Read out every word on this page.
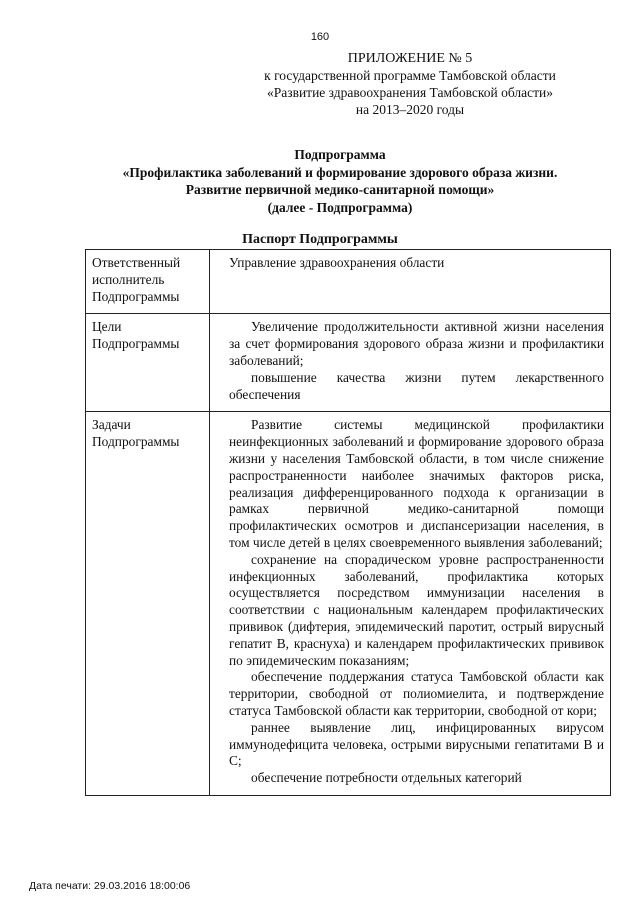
160
ПРИЛОЖЕНИЕ № 5
к государственной программе Тамбовской области
«Развитие здравоохранения Тамбовской области»
на 2013–2020 годы
Подпрограмма
«Профилактика заболеваний и формирование здорового образа жизни.
Развитие первичной медико-санитарной помощи»
(далее - Подпрограмма)
Паспорт Подпрограммы
Ответственный исполнитель Подпрограммы	Управление здравоохранения области

Цели Подпрограммы	Увеличение продолжительности активной жизни населения за счет формирования здорового образа жизни и профилактики заболеваний;
повышение качества жизни путем лекарственного обеспечения

Задачи Подпрограммы	Развитие системы медицинской профилактики неинфекционных заболеваний и формирование здорового образа жизни у населения Тамбовской области, в том числе снижение распространенности наиболее значимых факторов риска, реализация дифференцированного подхода к организации в рамках первичной медико-санитарной помощи профилактических осмотров и диспансеризации населения, в том числе детей в целях своевременного выявления заболеваний;
сохранение на спорадическом уровне распространенности инфекционных заболеваний, профилактика которых осуществляется посредством иммунизации населения в соответствии с национальным календарем профилактических прививок (дифтерия, эпидемический паротит, острый вирусный гепатит В, краснуха) и календарем профилактических прививок по эпидемическим показаниям;
обеспечение поддержания статуса Тамбовской области как территории, свободной от полиомиелита, и подтверждение статуса Тамбовской области как территории, свободной от кори;
раннее выявление лиц, инфицированных вирусом иммунодефицита человека, острыми вирусными гепатитами В и С;
обеспечение потребности отдельных категорий
Дата печати: 29.03.2016 18:00:06
